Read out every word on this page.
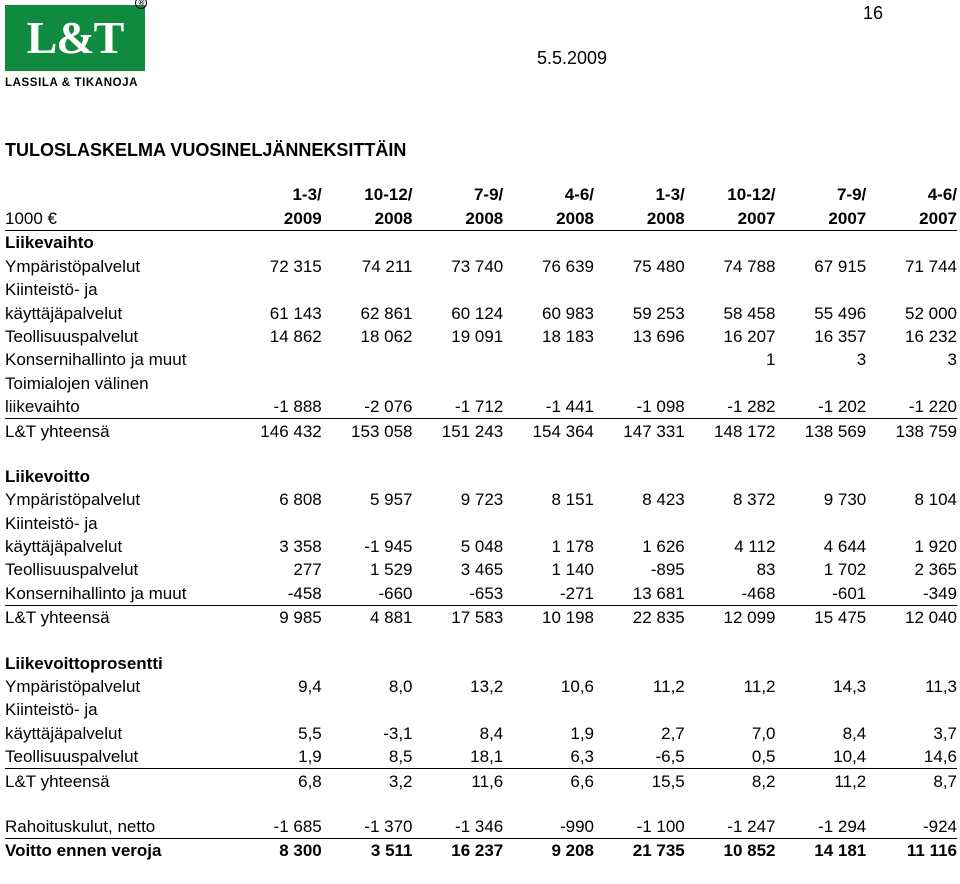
L&T
®
LASSILA & TIKANOJA
16
5.5.2009
TULOSLASKELMA VUOSINELJÄNNEKSITTÄIN
	1-3/	10-12/	7-9/	4-6/	1-3/	10-12/	7-9/	4-6/
1000 €	2009	2008	2008	2008	2008	2007	2007	2007
Liikevaihto								
Ympäristöpalvelut	72 315	74 211	73 740	76 639	75 480	74 788	67 915	71 744
Kiinteistö- ja								
käyttäjäpalvelut	61 143	62 861	60 124	60 983	59 253	58 458	55 496	52 000
Teollisuuspalvelut	14 862	18 062	19 091	18 183	13 696	16 207	16 357	16 232
Konsernihallinto ja muut						1	3	3
Toimialojen välinen								
liikevaihto	-1 888	-2 076	-1 712	-1 441	-1 098	-1 282	-1 202	-1 220
L&T yhteensä	146 432	153 058	151 243	154 364	147 331	148 172	138 569	138 759

Liikevoitto								
Ympäristöpalvelut	6 808	5 957	9 723	8 151	8 423	8 372	9 730	8 104
Kiinteistö- ja								
käyttäjäpalvelut	3 358	-1 945	5 048	1 178	1 626	4 112	4 644	1 920
Teollisuuspalvelut	277	1 529	3 465	1 140	-895	83	1 702	2 365
Konsernihallinto ja muut	-458	-660	-653	-271	13 681	-468	-601	-349
L&T yhteensä	9 985	4 881	17 583	10 198	22 835	12 099	15 475	12 040

Liikevoittoprosentti								
Ympäristöpalvelut	9,4	8,0	13,2	10,6	11,2	11,2	14,3	11,3
Kiinteistö- ja								
käyttäjäpalvelut	5,5	-3,1	8,4	1,9	2,7	7,0	8,4	3,7
Teollisuuspalvelut	1,9	8,5	18,1	6,3	-6,5	0,5	10,4	14,6
L&T yhteensä	6,8	3,2	11,6	6,6	15,5	8,2	11,2	8,7

Rahoituskulut, netto	-1 685	-1 370	-1 346	-990	-1 100	-1 247	-1 294	-924
Voitto ennen veroja	8 300	3 511	16 237	9 208	21 735	10 852	14 181	11 116
